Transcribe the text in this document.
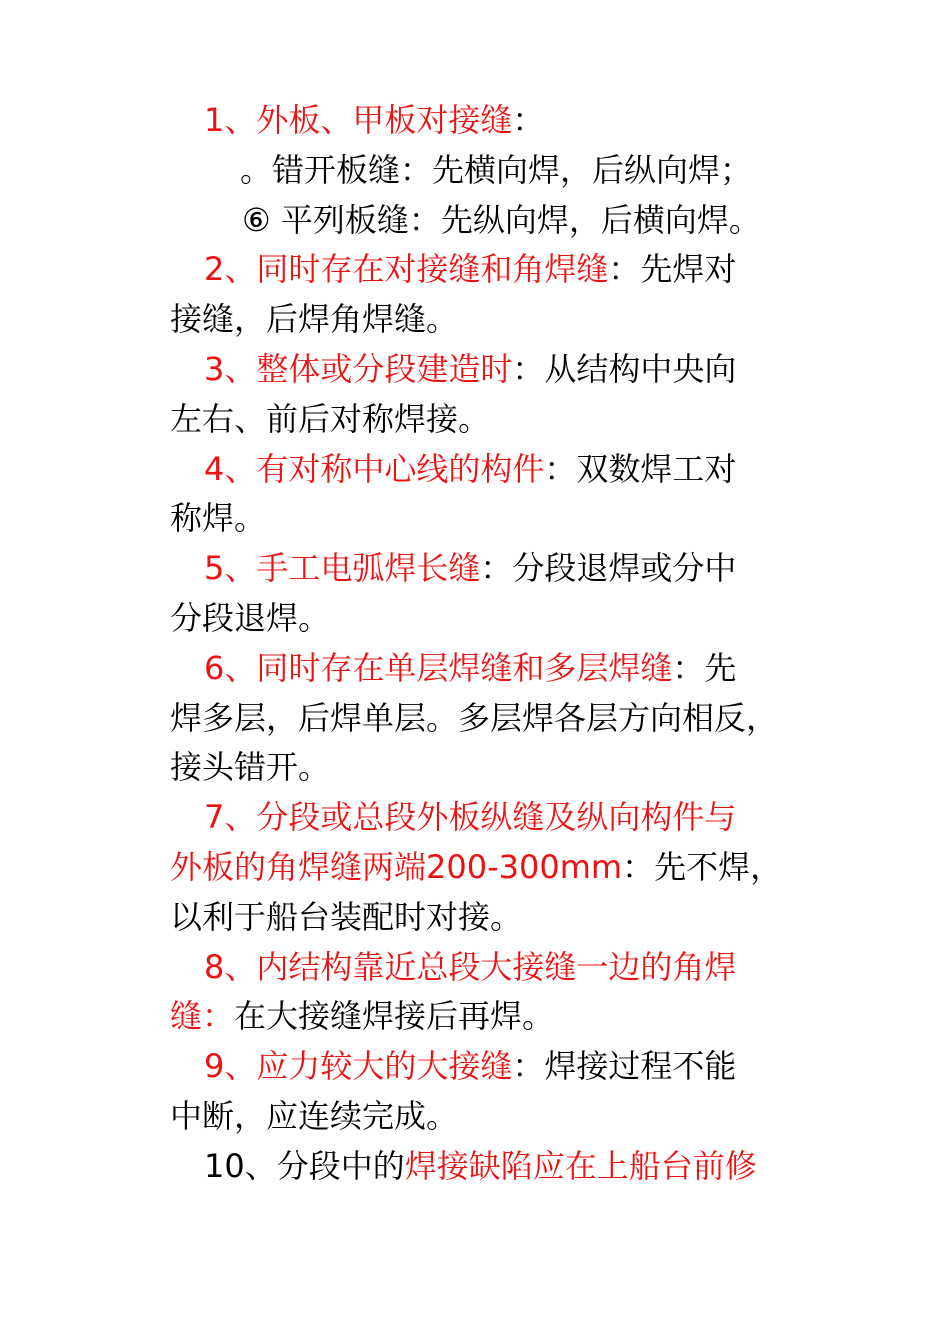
1、外板、甲板对接缝：
。错开板缝：先横向焊，后纵向焊；
⑥ 平列板缝：先纵向焊，后横向焊。
2、同时存在对接缝和角焊缝：先焊对
接缝，后焊角焊缝。
3、整体或分段建造时：从结构中央向
左右、前后对称焊接。
4、有对称中心线的构件：双数焊工对
称焊。
5、手工电弧焊长缝：分段退焊或分中
分段退焊。
6、同时存在单层焊缝和多层焊缝：先
焊多层，后焊单层。多层焊各层方向相反，
接头错开。
7、分段或总段外板纵缝及纵向构件与
外板的角焊缝两端200-300mm：先不焊，
以利于船台装配时对接。
8、内结构靠近总段大接缝一边的角焊
缝：在大接缝焊接后再焊。
9、应力较大的大接缝：焊接过程不能
中断，应连续完成。
10、分段中的焊接缺陷应在上船台前修
